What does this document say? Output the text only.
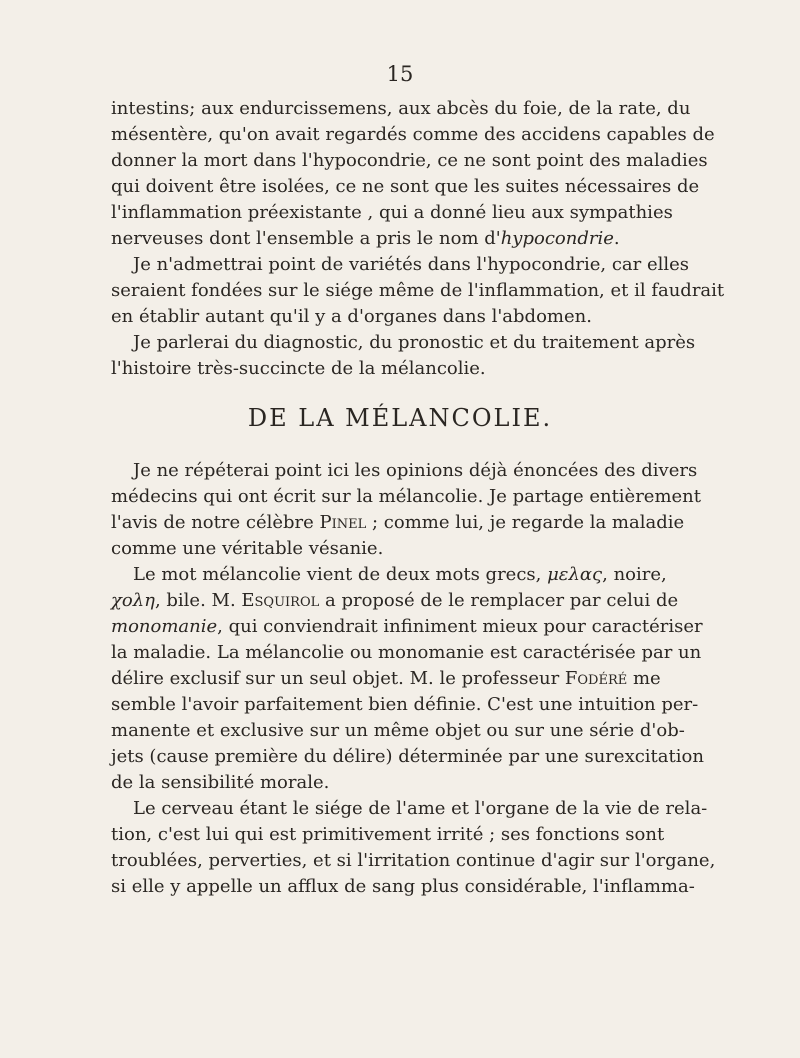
15
intestins; aux endurcissemens, aux abcès du foie, de la rate, du
mésentère, qu'on avait regardés comme des accidens capables de
donner la mort dans l'hypocondrie, ce ne sont point des maladies
qui doivent être isolées, ce ne sont que les suites nécessaires de
l'inflammation préexistante , qui a donné lieu aux sympathies
nerveuses dont l'ensemble a pris le nom d'hypocondrie.
Je n'admettrai point de variétés dans l'hypocondrie, car elles
seraient fondées sur le siége même de l'inflammation, et il faudrait
en établir autant qu'il y a d'organes dans l'abdomen.
Je parlerai du diagnostic, du pronostic et du traitement après
l'histoire très-succincte de la mélancolie.
DE LA MÉLANCOLIE.
Je ne répéterai point ici les opinions déjà énoncées des divers
médecins qui ont écrit sur la mélancolie. Je partage entièrement
l'avis de notre célèbre Pinel ; comme lui, je regarde la maladie
comme une véritable vésanie.
Le mot mélancolie vient de deux mots grecs, μελας, noire,
χολη, bile. M. Esquirol a proposé de le remplacer par celui de
monomanie, qui conviendrait infiniment mieux pour caractériser
la maladie. La mélancolie ou monomanie est caractérisée par un
délire exclusif sur un seul objet. M. le professeur Fodéré me
semble l'avoir parfaitement bien définie. C'est une intuition per-
manente et exclusive sur un même objet ou sur une série d'ob-
jets (cause première du délire) déterminée par une surexcitation
de la sensibilité morale.
Le cerveau étant le siége de l'ame et l'organe de la vie de rela-
tion, c'est lui qui est primitivement irrité ; ses fonctions sont
troublées, perverties, et si l'irritation continue d'agir sur l'organe,
si elle y appelle un afflux de sang plus considérable, l'inflamma-
